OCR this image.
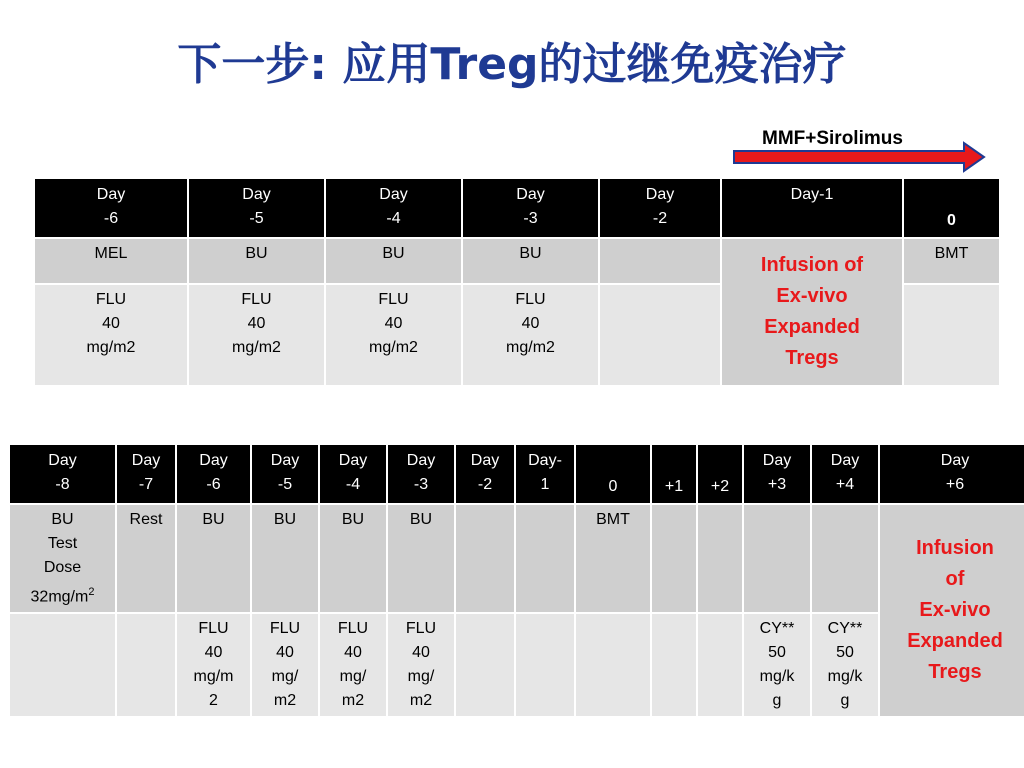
下一步: 应用Treg的过继免疫治疗
MMF+Sirolimus
Day
-6	Day
-5	Day
-4	Day
-3	Day
-2	Day-1	0

MEL	BU	BU	BU		Infusion of
Ex-vivo
Expanded
Tregs	BMT

FLU
40
mg/m2	FLU
40
mg/m2	FLU
40
mg/m2	FLU
40
mg/m2			

Day
-8	Day
-7	Day
-6	Day
-5	Day
-4	Day
-3	Day
-2	Day-
1	0	+1	+2	Day
+3	Day
+4	Day
+6

BU
Test
Dose
$32mg/m^2$	Rest	BU	BU	BU	BU			BMT					Infusion
of
Ex-vivo
Expanded
Tregs

		FLU
40
mg/m
2	FLU
40
mg/
m2	FLU
40
mg/
m2	FLU
40
mg/
m2						CY**
50
mg/k
g	CY**
50
mg/k
g	
